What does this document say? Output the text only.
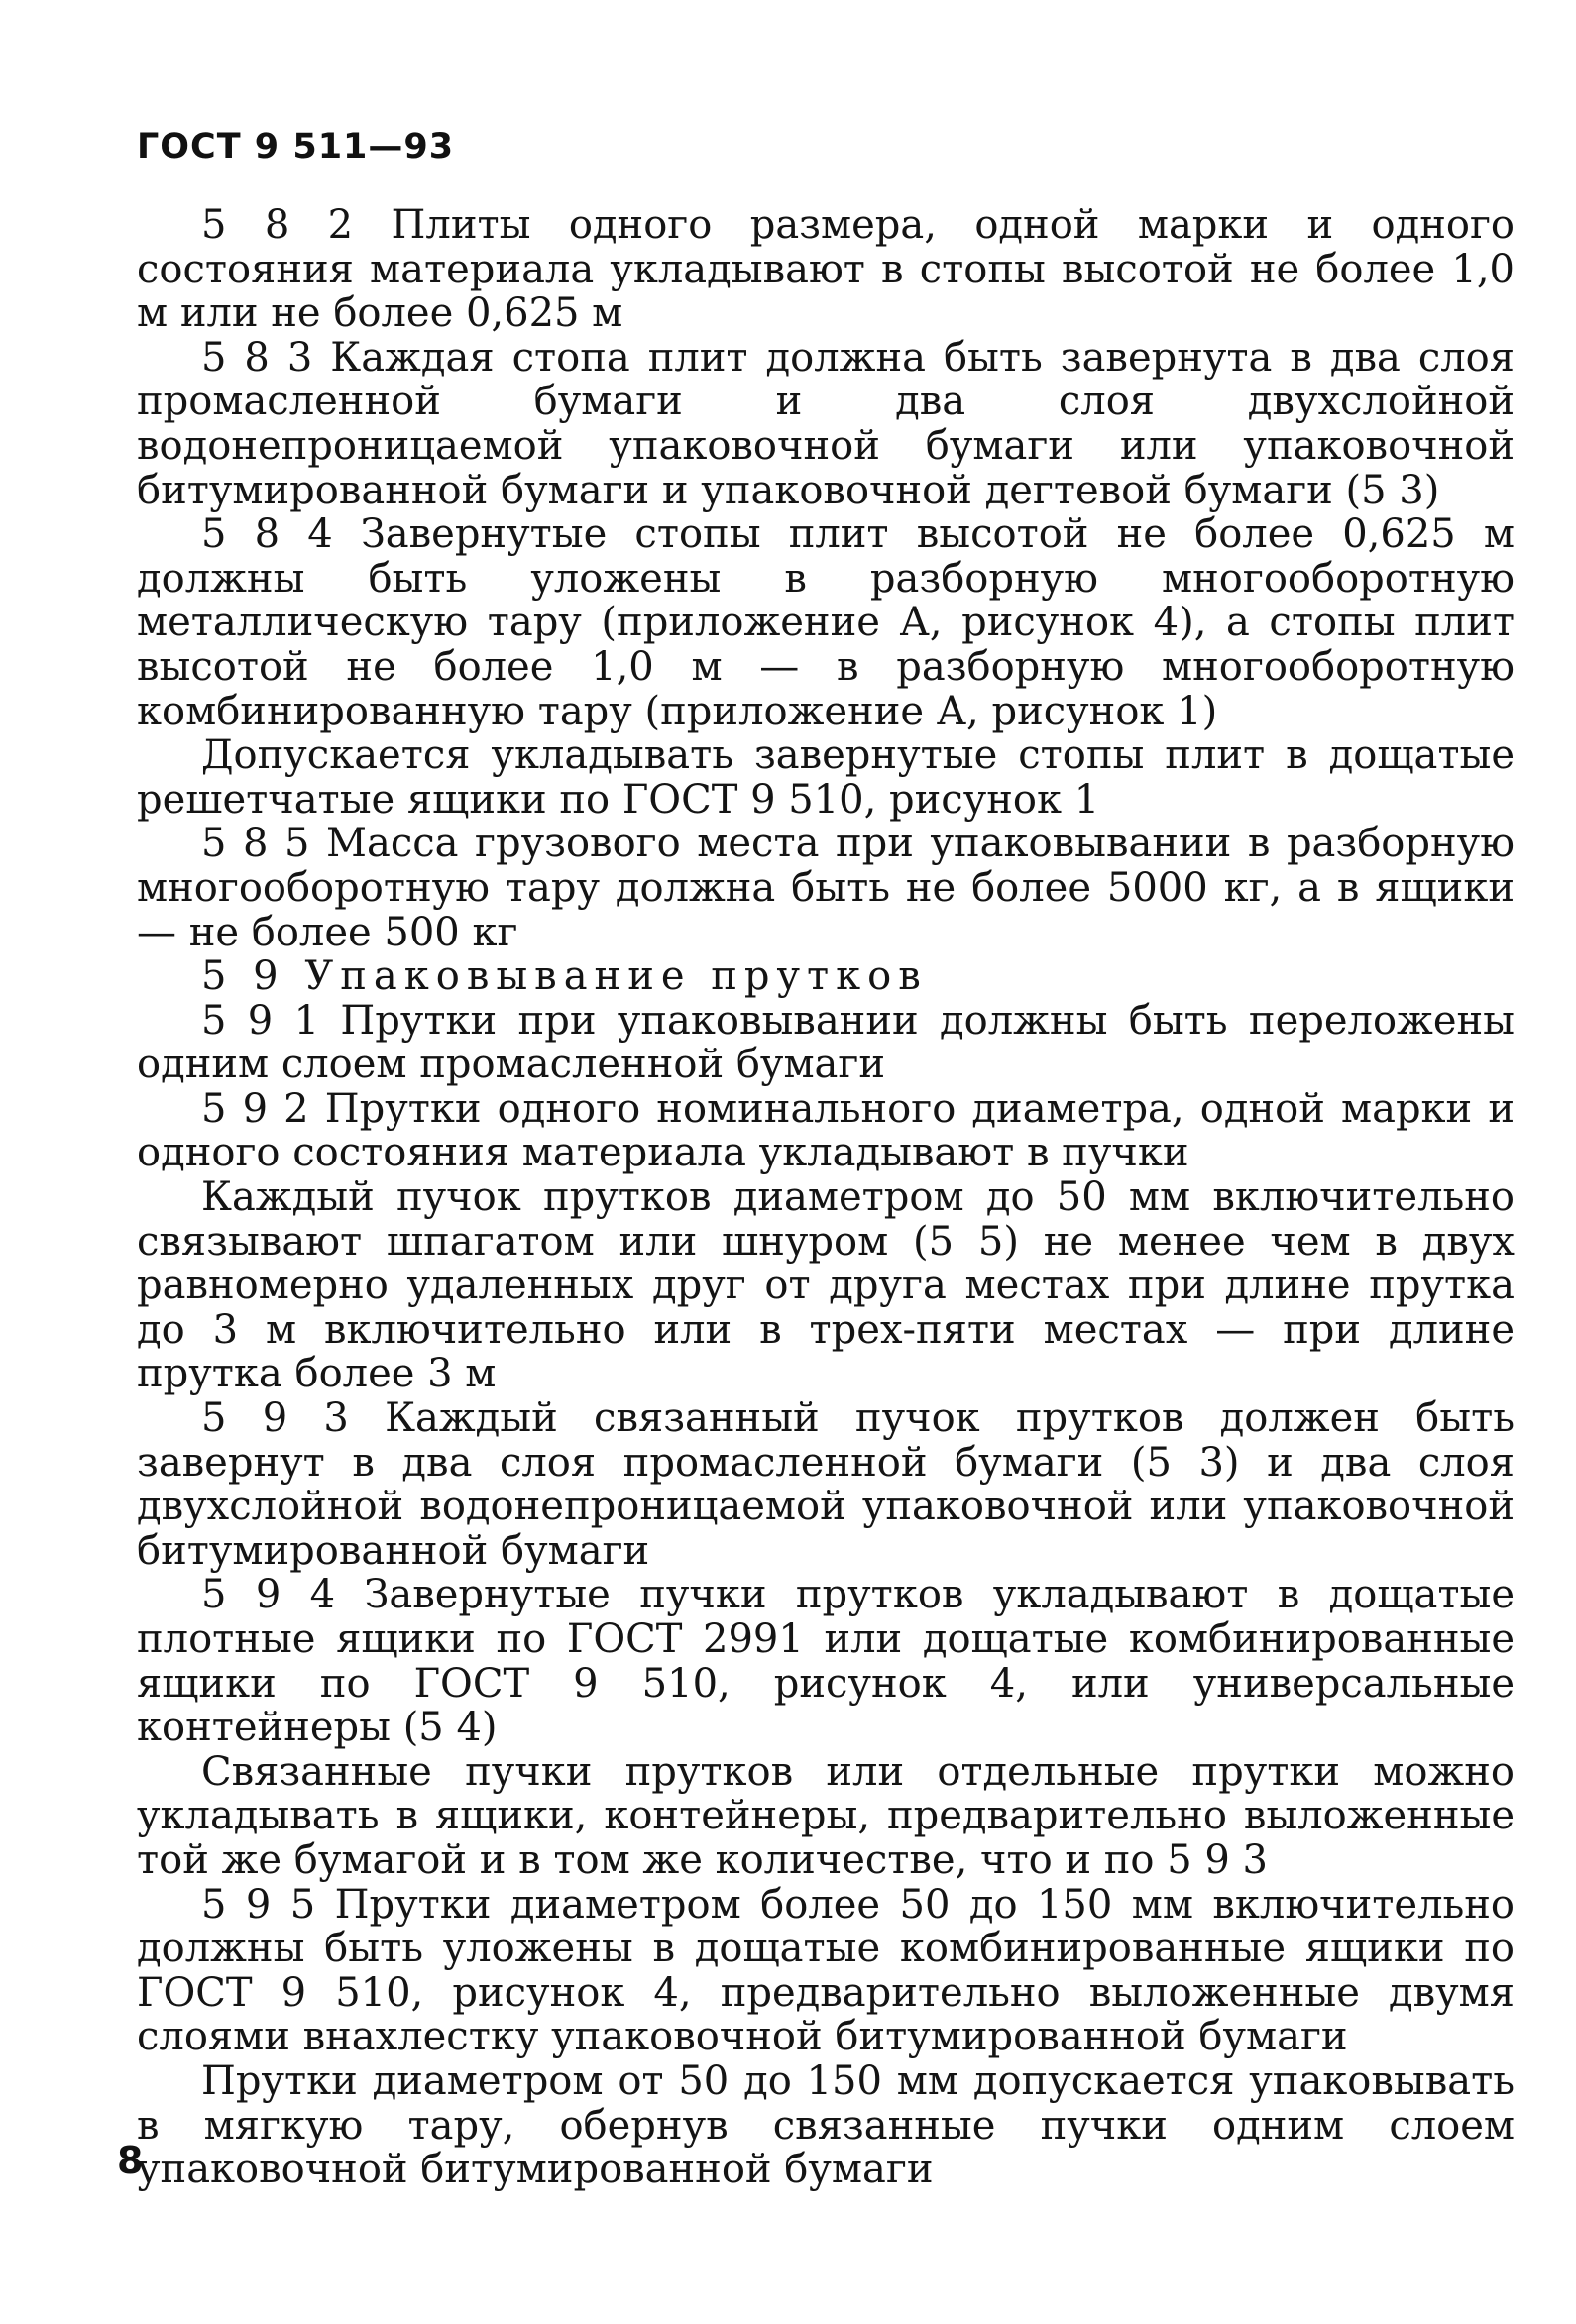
ГОСТ 9 511—93

5 8 2 Плиты одного размера, одной марки и одного состояния материала укладывают в стопы высотой не более 1,0 м или не более 0,625 м

5 8 3 Каждая стопа плит должна быть завернута в два слоя промасленной бумаги и два слоя двухслойной водонепроницаемой упаковочной бумаги или упаковочной битумированной бумаги и упаковочной дегтевой бумаги (5 3)

5 8 4 Завернутые стопы плит высотой не более 0,625 м должны быть уложены в разборную многооборотную металлическую тару (приложение А, рисунок 4), а стопы плит высотой не более 1,0 м — в разборную многооборотную комбинированную тару (приложение А, рисунок 1)

Допускается укладывать завернутые стопы плит в дощатые решетчатые ящики по ГОСТ 9 510, рисунок 1

5 8 5 Масса грузового места при упаковывании в разборную многооборотную тару должна быть не более 5000 кг, а в ящики — не более 500 кг

5 9 Упаковывание прутков

5 9 1 Прутки при упаковывании должны быть переложены одним слоем промасленной бумаги

5 9 2 Прутки одного номинального диаметра, одной марки и одного состояния материала укладывают в пучки

Каждый пучок прутков диаметром до 50 мм включительно связывают шпагатом или шнуром (5 5) не менее чем в двух равномерно удаленных друг от друга местах при длине прутка до 3 м включительно или в трех-пяти местах — при длине прутка более 3 м

5 9 3 Каждый связанный пучок прутков должен быть завернут в два слоя промасленной бумаги (5 3) и два слоя двухслойной водонепроницаемой упаковочной или упаковочной битумированной бумаги

5 9 4 Завернутые пучки прутков укладывают в дощатые плотные ящики по ГОСТ 2991 или дощатые комбинированные ящики по ГОСТ 9 510, рисунок 4, или универсальные контейнеры (5 4)

Связанные пучки прутков или отдельные прутки можно укладывать в ящики, контейнеры, предварительно выложенные той же бумагой и в том же количестве, что и по 5 9 3

5 9 5 Прутки диаметром более 50 до 150 мм включительно должны быть уложены в дощатые комбинированные ящики по ГОСТ 9 510, рисунок 4, предварительно выложенные двумя слоями внахлестку упаковочной битумированной бумаги

Прутки диаметром от 50 до 150 мм допускается упаковывать в мягкую тару, обернув связанные пучки одним слоем упаковочной битумированной бумаги

8
